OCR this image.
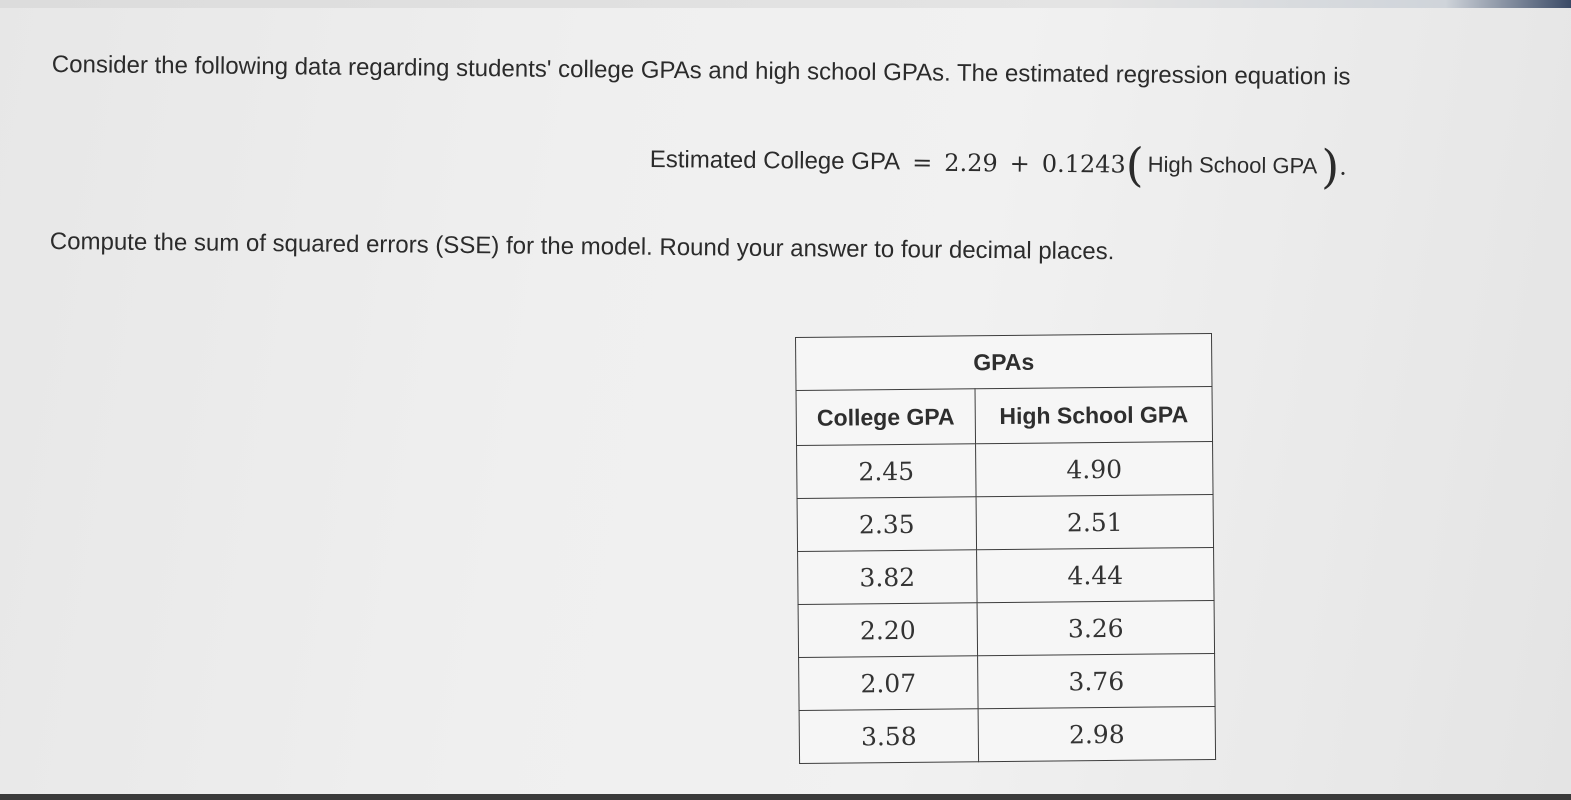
Consider the following data regarding students' college GPAs and high school GPAs. The estimated regression equation is
Estimated College GPA = 2.29 + 0.1243 ( High School GPA ) .
Compute the sum of squared errors (SSE) for the model. Round your answer to four decimal places.
GPAs	
College GPA	High School GPA
2.45	4.90
2.35	2.51
3.82	4.44
2.20	3.26
2.07	3.76
3.58	2.98
